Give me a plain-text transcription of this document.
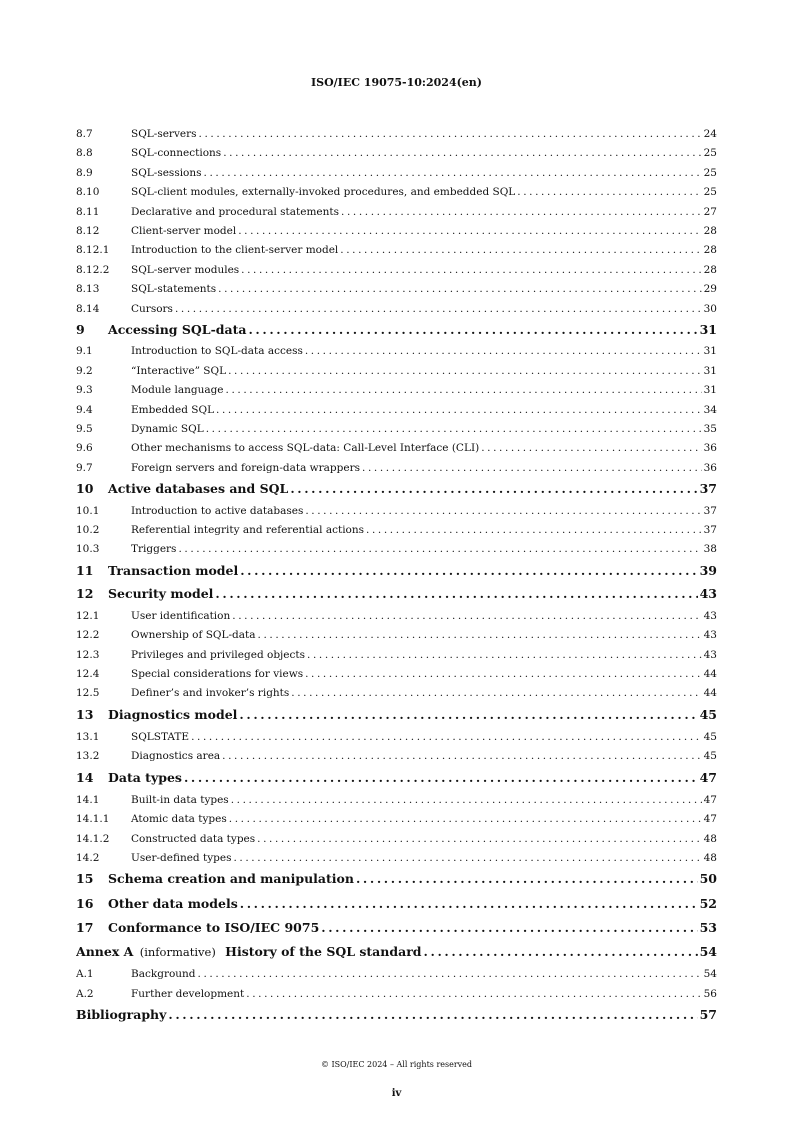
ISO/IEC 19075-10:2024(en)
8.7	SQL-servers .....	24
8.8	SQL-connections .....	25
8.9	SQL-sessions .....	25
8.10	SQL-client modules, externally-invoked procedures, and embedded SQL .....	25
8.11	Declarative and procedural statements .....	27
8.12	Client-server model .....	28
8.12.1	Introduction to the client-server model .....	28
8.12.2	SQL-server modules .....	28
8.13	SQL-statements .....	29
8.14	Cursors .....	30
9	Accessing SQL-data .....	31
9.1	Introduction to SQL-data access .....	31
9.2	“Interactive” SQL .....	31
9.3	Module language .....	31
9.4	Embedded SQL .....	34
9.5	Dynamic SQL .....	35
9.6	Other mechanisms to access SQL-data: Call-Level Interface (CLI) .....	36
9.7	Foreign servers and foreign-data wrappers .....	36
10	Active databases and SQL .....	37
10.1	Introduction to active databases .....	37
10.2	Referential integrity and referential actions .....	37
10.3	Triggers .....	38
11	Transaction model .....	39
12	Security model .....	43
12.1	User identification .....	43
12.2	Ownership of SQL-data .....	43
12.3	Privileges and privileged objects .....	43
12.4	Special considerations for views .....	44
12.5	Definer’s and invoker’s rights .....	44
13	Diagnostics model .....	45
13.1	SQLSTATE .....	45
13.2	Diagnostics area .....	45
14	Data types .....	47
14.1	Built-in data types .....	47
14.1.1	Atomic data types .....	47
14.1.2	Constructed data types .....	48
14.2	User-defined types .....	48
15	Schema creation and manipulation .....	50
16	Other data models .....	52
17	Conformance to ISO/IEC 9075 .....	53
Annex A (informative) History of the SQL standard .....	54
A.1	Background .....	54
A.2	Further development .....	56
Bibliography .....	57
© ISO/IEC 2024 – All rights reserved
iv
